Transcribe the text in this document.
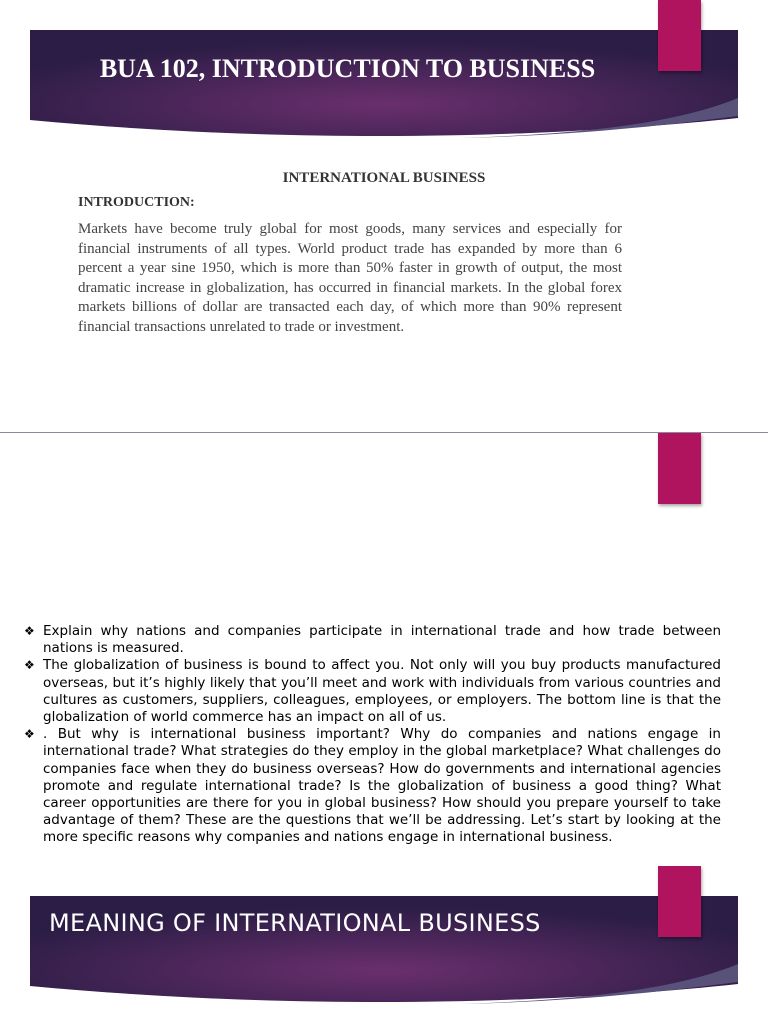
BUA 102, INTRODUCTION TO BUSINESS
INTERNATIONAL BUSINESS
INTRODUCTION:

Markets have become truly global for most goods, many services and especially for financial instruments of all types. World product trade has expanded by more than 6 percent a year sine 1950, which is more than 50% faster in growth of output, the most dramatic increase in globalization, has occurred in financial markets. In the global forex markets billions of dollar are transacted each day, of which more than 90% represent financial transactions unrelated to trade or investment.

❖ Explain why nations and companies participate in international trade and how trade between nations is measured.
❖ The globalization of business is bound to affect you. Not only will you buy products manufactured overseas, but it’s highly likely that you’ll meet and work with individuals from various countries and cultures as customers, suppliers, colleagues, employees, or employers. The bottom line is that the globalization of world commerce has an impact on all of us.
❖ . But why is international business important? Why do companies and nations engage in international trade? What strategies do they employ in the global marketplace? What challenges do companies face when they do business overseas? How do governments and international agencies promote and regulate international trade? Is the globalization of business a good thing? What career opportunities are there for you in global business? How should you prepare yourself to take advantage of them? These are the questions that we’ll be addressing. Let’s start by looking at the more specific reasons why companies and nations engage in international business.
MEANING OF INTERNATIONAL BUSINESS
